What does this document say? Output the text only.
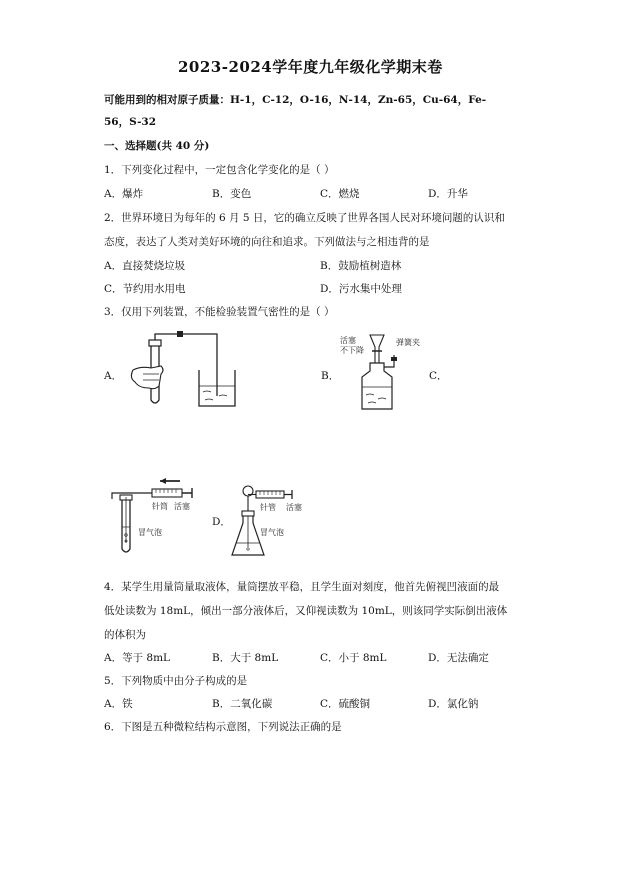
2023-2024学年度九年级化学期末卷
可能用到的相对原子质量：H-1，C-12，O-16，N-14，Zn-65，Cu-64，Fe-
56，S-32
一、选择题(共 40 分)
1．下列变化过程中，一定包含化学变化的是（ ）
A．爆炸	B．变色	C．燃烧	D．升华
2．世界环境日为每年的 6 月 5 日，它的确立反映了世界各国人民对环境问题的认识和
态度，表达了人类对美好环境的向往和追求。下列做法与之相违背的是
A．直接焚烧垃圾	B．鼓励植树造林
C．节约用水用电	D．污水集中处理
3．仅用下列装置，不能检验装置气密性的是（ ）
A．	B．	C．
D．
活塞
不下降
弹簧夹
针筒 活塞
冒气泡
针管 活塞
冒气泡
4．某学生用量筒量取液体，量筒摆放平稳，且学生面对刻度，他首先俯视凹液面的最
低处读数为 18mL，倾出一部分液体后，又仰视读数为 10mL，则该同学实际倒出液体
的体积为
A．等于 8mL	B．大于 8mL	C．小于 8mL	D．无法确定
5．下列物质中由分子构成的是
A．铁	B．二氧化碳	C．硫酸铜	D．氯化钠
6．下图是五种微粒结构示意图，下列说法正确的是
